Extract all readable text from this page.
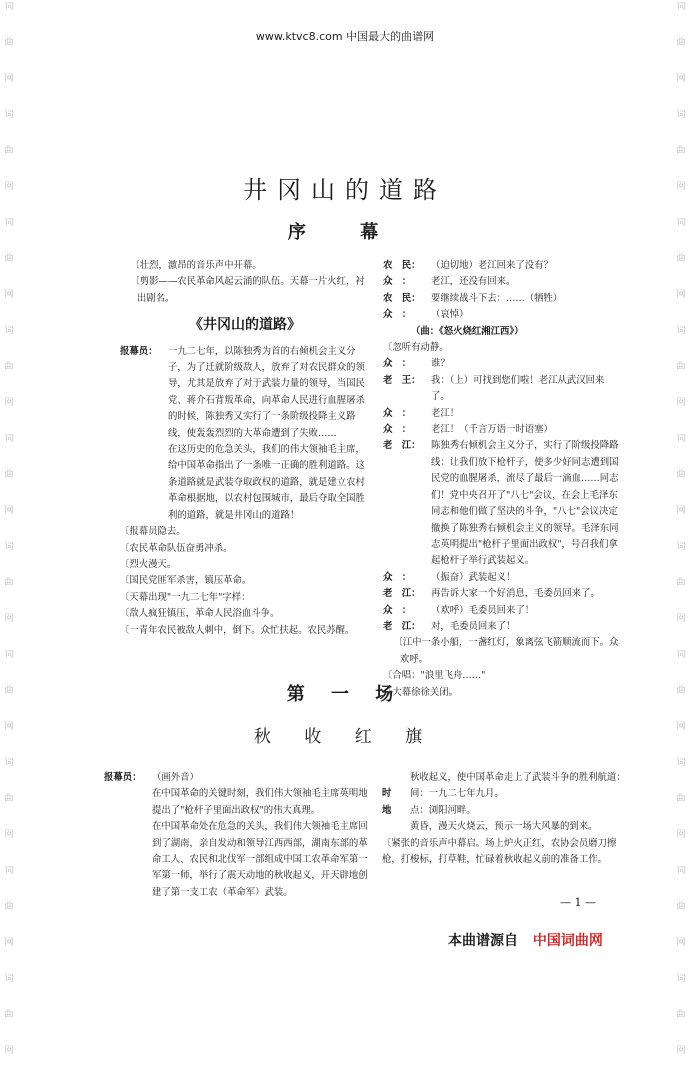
词
曲
网
词
曲
网
词
曲
网
词
曲
网
词
曲
网
词
曲
网
词
曲
网
词
曲
网
词
曲
网
词
曲
网
词
曲
网
词
曲
网
词
曲
网
词
曲
网
词
曲
网
词
曲
网
词
曲
网
词
曲
网
词
曲
网
词
曲
网
www.ktvc8.com 中国最大的曲谱网
井冈山的道路
序 幕

〔壮烈，激昂的音乐声中开幕。

〔剪影——农民革命风起云涌的队伍。天幕一片火红，衬出剧名。

《井冈山的道路》

报幕员：	一九二七年，以陈独秀为首的右倾机会主义分子，为了迁就阶级敌人，放弃了对农民群众的领导，尤其是放弃了对于武装力量的领导，当国民党、蒋介石背叛革命，向革命人民进行血腥屠杀的时候，陈独秀又实行了一条阶级投降主义路线，使轰轰烈烈的大革命遭到了失败……

在这历史的危急关头，我们的伟大领袖毛主席，给中国革命指出了一条唯一正确的胜利道路。这条道路就是武装夺取政权的道路，就是建立农村革命根据地，以农村包围城市，最后夺取全国胜利的道路，就是井冈山的道路！

〔报幕员隐去。

〔农民革命队伍奋勇冲杀。

〔烈火漫天。

〔国民党匪军杀害，镇压革命。

〔天幕出现"一九二七年"字样：

〔敌人疯狂镇压，革命人民浴血斗争。

〔一青年农民被敌人刺中，倒下。众忙扶起。农民苏醒。

农　民：	（迫切地）老江回来了没有？

众　：	老江，还没有回来。

农　民：	要继续战斗下去：……（牺牲）

众　：	（哀悼）

（曲：《怒火烧红湘江西》）

〔忽听有动静。

众　：	谁？

老　王：	我：（上）可找到您们啦！老江从武汉回来了。

众　：	老江！

众　：	老江！（千言万语一时语塞）

老　江：	陈独秀右倾机会主义分子，实行了阶级投降路线：让我们放下枪杆子，使多少好同志遭到国民党的血腥屠杀，流尽了最后一滴血……同志们！党中央召开了"八七"会议，在会上毛泽东同志和他们做了坚决的斗争，"八七"会议决定撤换了陈独秀右倾机会主义的领导。毛泽东同志英明提出"枪杆子里面出政权"，号召我们拿起枪杆子举行武装起义。

众　：	（振奋）武装起义！

老　江：	再告诉大家一个好消息，毛委员回来了。

众　：	（欢呼）毛委员回来了！

老　江：	对，毛委员回来了！

〔江中一条小船，一盏红灯，象离弦飞箭顺流而下。众欢呼。

〔合唱："浪里飞舟……"

〔大幕徐徐关闭。

第 一 场
秋 收 红 旗

报幕员：	（画外音）

在中国革命的关键时刻，我们伟大领袖毛主席英明地提出了"枪杆子里面出政权"的伟大真理。

在中国革命处在危急的关头，我们伟大领袖毛主席回到了湖南，亲自发动和领导江西西部，湖南东部的革命工人、农民和北伐军一部组成中国工农革命军第一军第一师，举行了震天动地的秋收起义，开天辟地创建了第一支工农（革命军）武装。

秋收起义，使中国革命走上了武装斗争的胜利航道：

时	间：一九二七年九月。

地	点：浏阳河畔。

黄昏，漫天火烧云，预示一场大风暴的到来。

〔紧张的音乐声中幕启。场上炉火正红，农协会员磨刀擦枪，打梭标，打草鞋，忙碌着秋收起义前的准备工作。

— 1 —
本曲谱源自 中国词曲网
